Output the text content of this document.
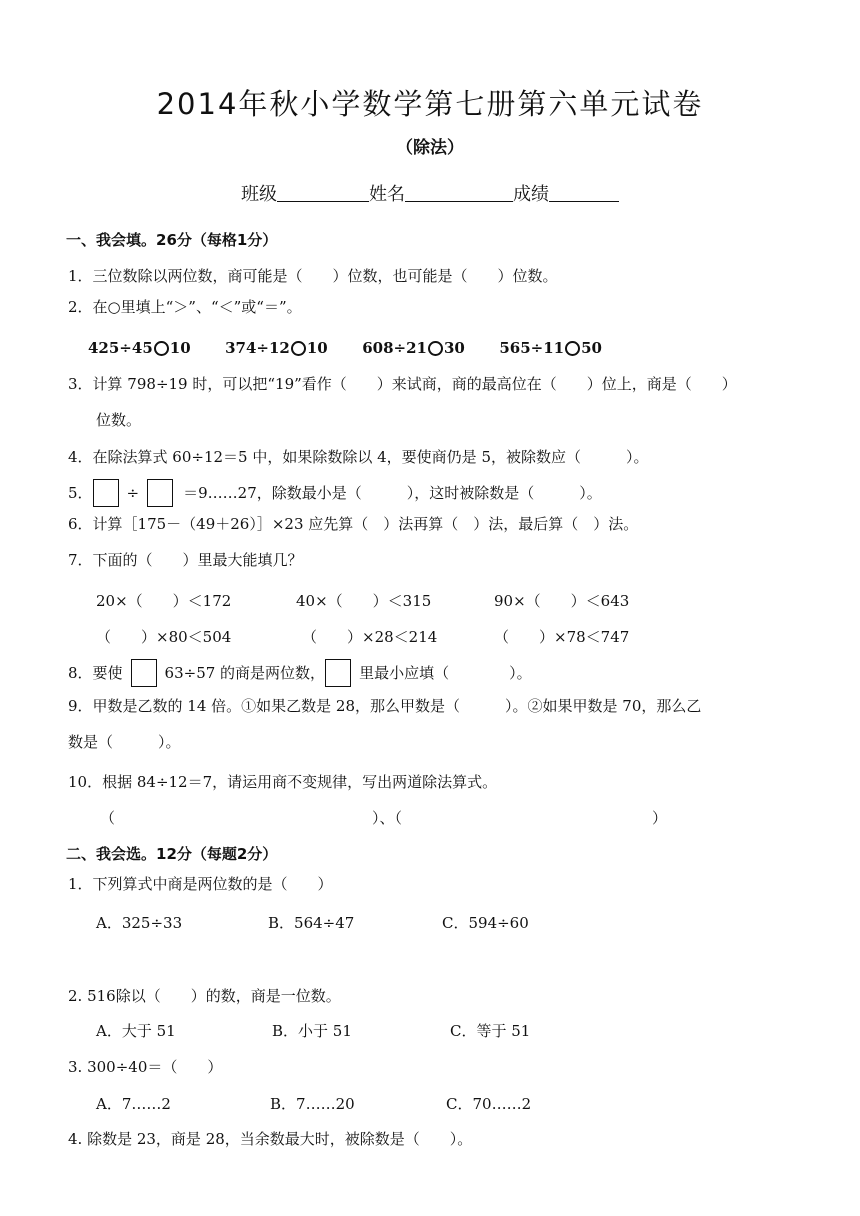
2014年秋小学数学第七册第六单元试卷
（除法）
班级	姓名	成绩
一、我会填。26分（每格1分）
1．三位数除以两位数，商可能是（　　）位数，也可能是（　　）位数。
2．在○里填上“＞”、“＜”或“＝”。
425÷45 10 374÷12 10 608÷21 30 565÷11 50
3．计算 798÷19 时，可以把“19”看作（　　）来试商，商的最高位在（　　）位上，商是（　　）
位数。
4．在除法算式 60÷12＝5 中，如果除数除以 4，要使商仍是 5，被除数应（　　　）。
5． ÷	＝9……27，除数最小是（　　　），这时被除数是（　　　）。
6．计算［175－（49＋26）］×23 应先算（　）法再算（　）法，最后算（　）法。
7．下面的（　　）里最大能填几？
20×（　　）＜172	40×（　　）＜315	90×（　　）＜643
（　　）×80＜504	（　　）×28＜214	（　　）×78＜747
8．要使	63÷57 的商是两位数， 里最小应填（　　　　）。
9．甲数是乙数的 14 倍。①如果乙数是 28，那么甲数是（　　　）。②如果甲数是 70，那么乙
数是（　　　）。
10．根据 84÷12＝7，请运用商不变规律，写出两道除法算式。
（	）、（	）
二、我会选。12分（每题2分）
1．下列算式中商是两位数的是（　　）
A．325÷33	B．564÷47	C．594÷60
2. 516除以（　　）的数，商是一位数。
A．大于 51	B．小于 51	C．等于 51
3. 300÷40＝（　　）
A．7……2	B．7……20	C．70……2
4. 除数是 23，商是 28，当余数最大时，被除数是（　　）。
